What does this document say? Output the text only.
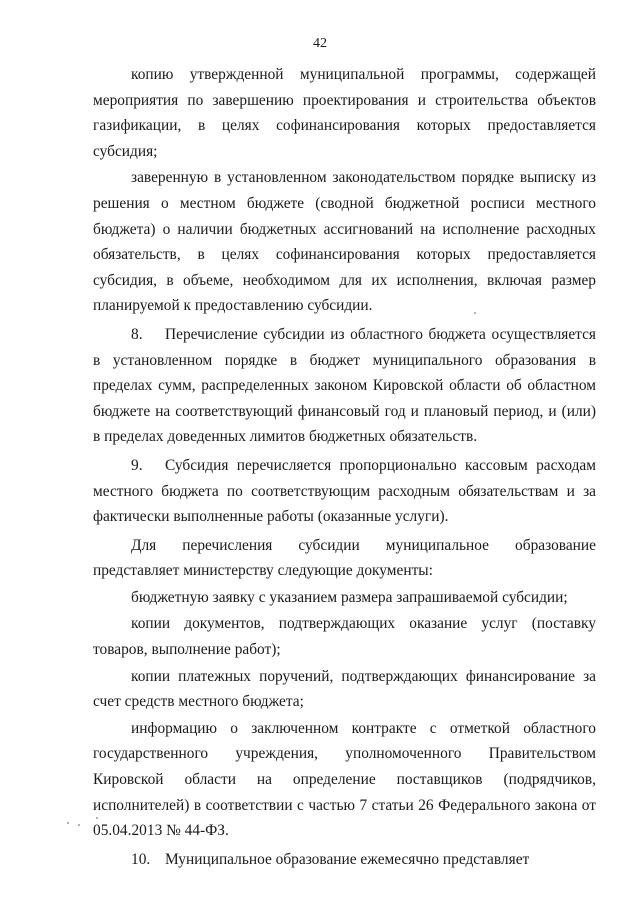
42

копию утвержденной муниципальной программы, содержащей мероприятия по завершению проектирования и строительства объектов газификации, в целях софинансирования которых предоставляется субсидия;

заверенную в установленном законодательством порядке выписку из решения о местном бюджете (сводной бюджетной росписи местного бюджета) о наличии бюджетных ассигнований на исполнение расходных обязательств, в целях софинансирования которых предоставляется субсидия, в объеме, необходимом для их исполнения, включая размер планируемой к предоставлению субсидии.

8. Перечисление субсидии из областного бюджета осуществляется в установленном порядке в бюджет муниципального образования в пределах сумм, распределенных законом Кировской области об областном бюджете на соответствующий финансовый год и плановый период, и (или) в пределах доведенных лимитов бюджетных обязательств.

9. Субсидия перечисляется пропорционально кассовым расходам местного бюджета по соответствующим расходным обязательствам и за фактически выполненные работы (оказанные услуги).

Для перечисления субсидии муниципальное образование представляет министерству следующие документы:

бюджетную заявку с указанием размера запрашиваемой субсидии;

копии документов, подтверждающих оказание услуг (поставку товаров, выполнение работ);

копии платежных поручений, подтверждающих финансирование за счет средств местного бюджета;

информацию о заключенном контракте с отметкой областного государственного учреждения, уполномоченного Правительством Кировской области на определение поставщиков (подрядчиков, исполнителей) в соответствии с частью 7 статьи 26 Федерального закона от 05.04.2013 № 44-ФЗ.

10. Муниципальное образование ежемесячно представляет
